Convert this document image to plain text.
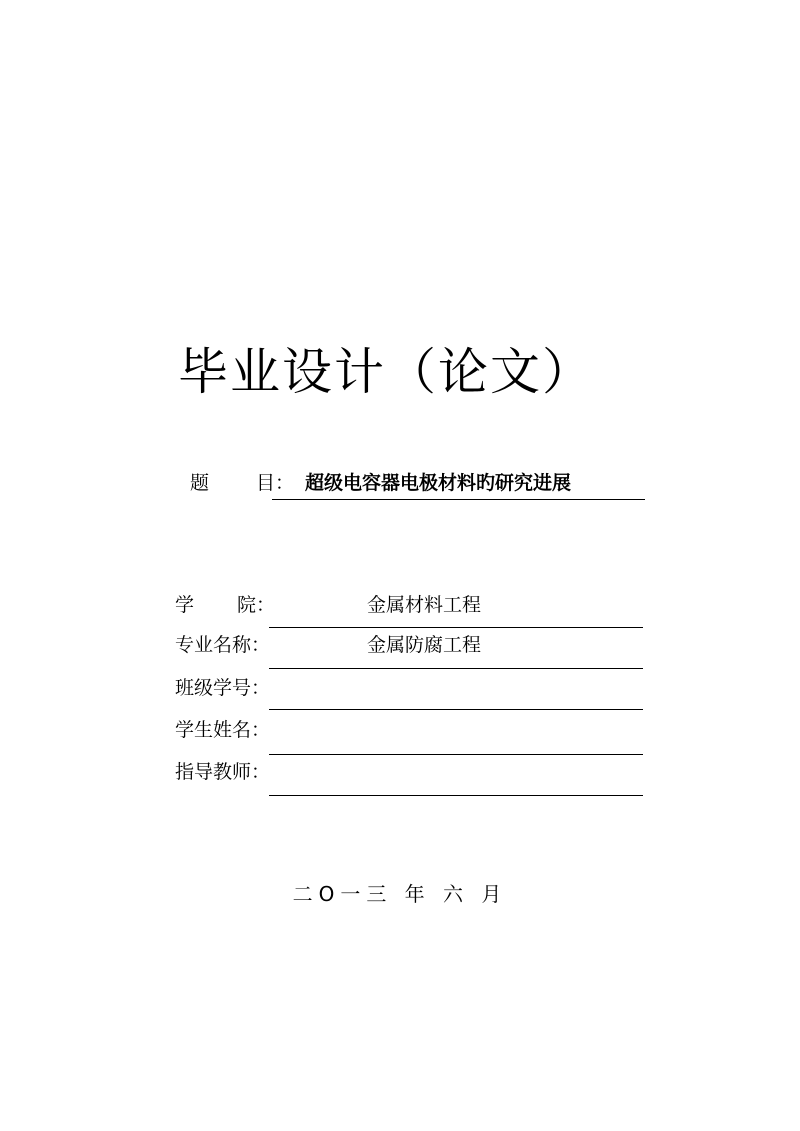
毕业设计（论文）
题 目： 超级电容器电极材料旳研究进展
学 院：	金属材料工程
专业名称：	金属防腐工程
班级学号：
学生姓名：
指导教师：
二O一三 年 六 月
